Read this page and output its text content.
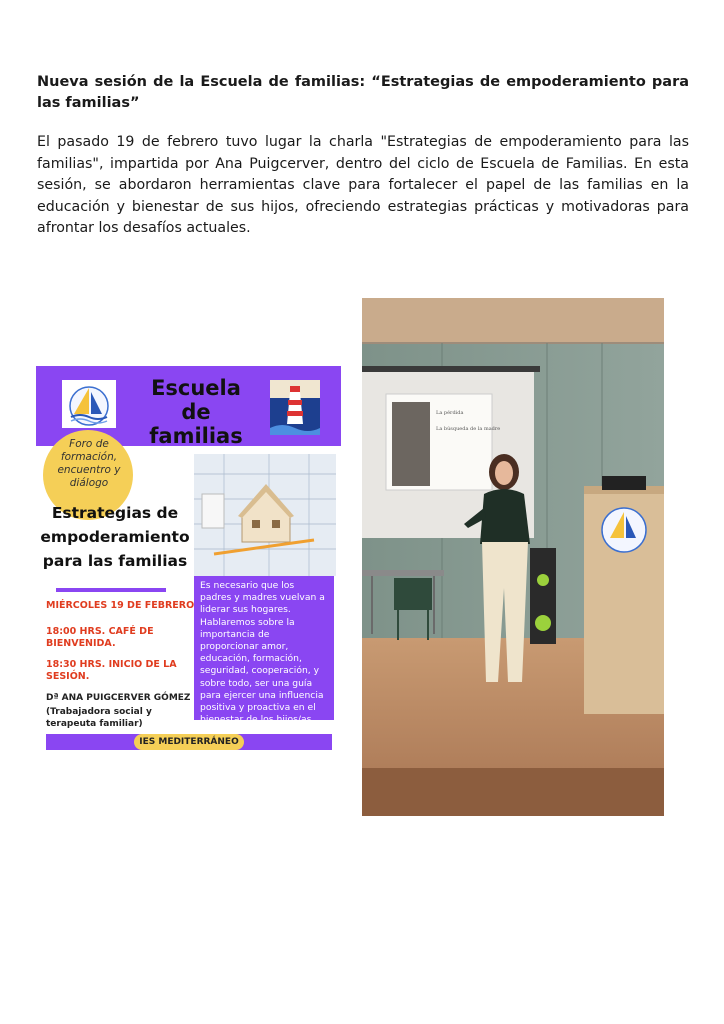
Nueva sesión de la Escuela de familias: “Estrategias de empoderamiento para las familias”
El pasado 19 de febrero tuvo lugar la charla "Estrategias de empoderamiento para las familias", impartida por Ana Puigcerver, dentro del ciclo de Escuela de Familias. En esta sesión, se abordaron herramientas clave para fortalecer el papel de las familias en la educación y bienestar de sus hijos, ofreciendo estrategias prácticas y motivadoras para afrontar los desafíos actuales.
Escuela
de
familias
Foro de formación, encuentro y diálogo
Estrategias de
empoderamiento
para las familias
MIÉRCOLES 19 DE FEBRERO
18:00 HRS. CAFÉ DE BIENVENIDA.
18:30 HRS. INICIO DE LA SESIÓN.
Dª ANA PUIGCERVER GÓMEZ
(Trabajadora social y terapeuta familiar)
Es necesario que los padres y madres vuelvan a liderar sus hogares. Hablaremos sobre la importancia de proporcionar amor, educación, formación, seguridad, cooperación, y sobre todo, ser una guía para ejercer una influencia positiva y proactiva en el bienestar de los hijos/as.
IES MEDITERRÁNEO
La pérdida
La búsqueda de la madre
